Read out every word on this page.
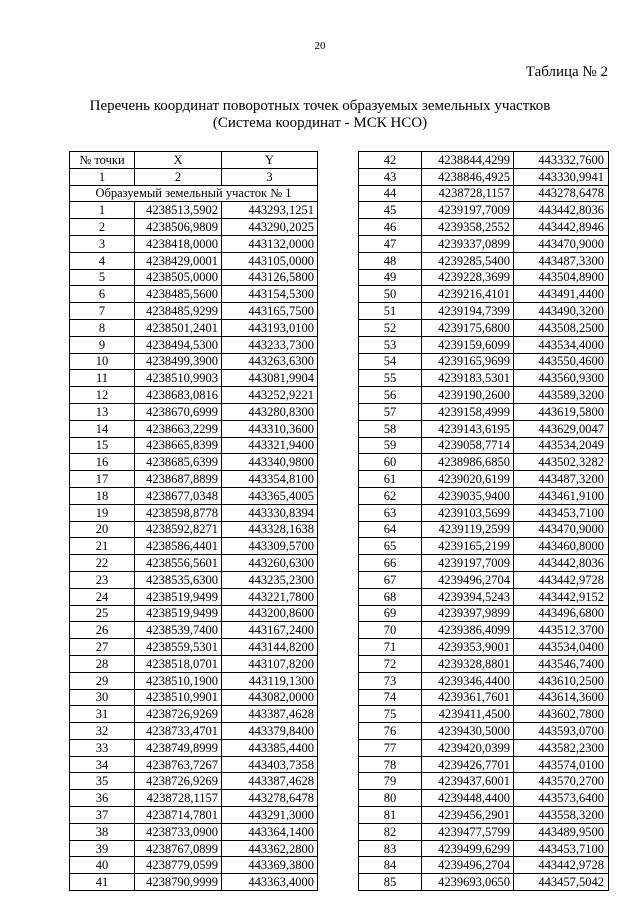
20
Таблица № 2
Перечень координат поворотных точек образуемых земельных участков
(Система координат - МСК НСО)
№ точки	X	Y
1	2	3
Образуемый земельный участок № 1		
1	4238513,5902	443293,1251
2	4238506,9809	443290,2025
3	4238418,0000	443132,0000
4	4238429,0001	443105,0000
5	4238505,0000	443126,5800
6	4238485,5600	443154,5300
7	4238485,9299	443165,7500
8	4238501,2401	443193,0100
9	4238494,5300	443233,7300
10	4238499,3900	443263,6300
11	4238510,9903	443081,9904
12	4238683,0816	443252,9221
13	4238670,6999	443280,8300
14	4238663,2299	443310,3600
15	4238665,8399	443321,9400
16	4238685,6399	443340,9800
17	4238687,8899	443354,8100
18	4238677,0348	443365,4005
19	4238598,8778	443330,8394
20	4238592,8271	443328,1638
21	4238586,4401	443309,5700
22	4238556,5601	443260,6300
23	4238535,6300	443235,2300
24	4238519,9499	443221,7800
25	4238519,9499	443200,8600
26	4238539,7400	443167,2400
27	4238559,5301	443144,8200
28	4238518,0701	443107,8200
29	4238510,1900	443119,1300
30	4238510,9901	443082,0000
31	4238726,9269	443387,4628
32	4238733,4701	443379,8400
33	4238749,8999	443385,4400
34	4238763,7267	443403,7358
35	4238726,9269	443387,4628
36	4238728,1157	443278,6478
37	4238714,7801	443291,3000
38	4238733,0900	443364,1400
39	4238767,0899	443362,2800
40	4238779,0599	443369,3800
41	4238790,9999	443363,4000
42	4238844,4299	443332,7600
43	4238846,4925	443330,9941
44	4238728,1157	443278,6478
45	4239197,7009	443442,8036
46	4239358,2552	443442,8946
47	4239337,0899	443470,9000
48	4239285,5400	443487,3300
49	4239228,3699	443504,8900
50	4239216,4101	443491,4400
51	4239194,7399	443490,3200
52	4239175,6800	443508,2500
53	4239159,6099	443534,4000
54	4239165,9699	443550,4600
55	4239183,5301	443560,9300
56	4239190,2600	443589,3200
57	4239158,4999	443619,5800
58	4239143,6195	443629,0047
59	4239058,7714	443534,2049
60	4238986,6850	443502,3282
61	4239020,6199	443487,3200
62	4239035,9400	443461,9100
63	4239103,5699	443453,7100
64	4239119,2599	443470,9000
65	4239165,2199	443460,8000
66	4239197,7009	443442,8036
67	4239496,2704	443442,9728
68	4239394,5243	443442,9152
69	4239397,9899	443496,6800
70	4239386,4099	443512,3700
71	4239353,9001	443534,0400
72	4239328,8801	443546,7400
73	4239346,4400	443610,2500
74	4239361,7601	443614,3600
75	4239411,4500	443602,7800
76	4239430,5000	443593,0700
77	4239420,0399	443582,2300
78	4239426,7701	443574,0100
79	4239437,6001	443570,2700
80	4239448,4400	443573,6400
81	4239456,2901	443558,3200
82	4239477,5799	443489,9500
83	4239499,6299	443453,7100
84	4239496,2704	443442,9728
85	4239693,0650	443457,5042
